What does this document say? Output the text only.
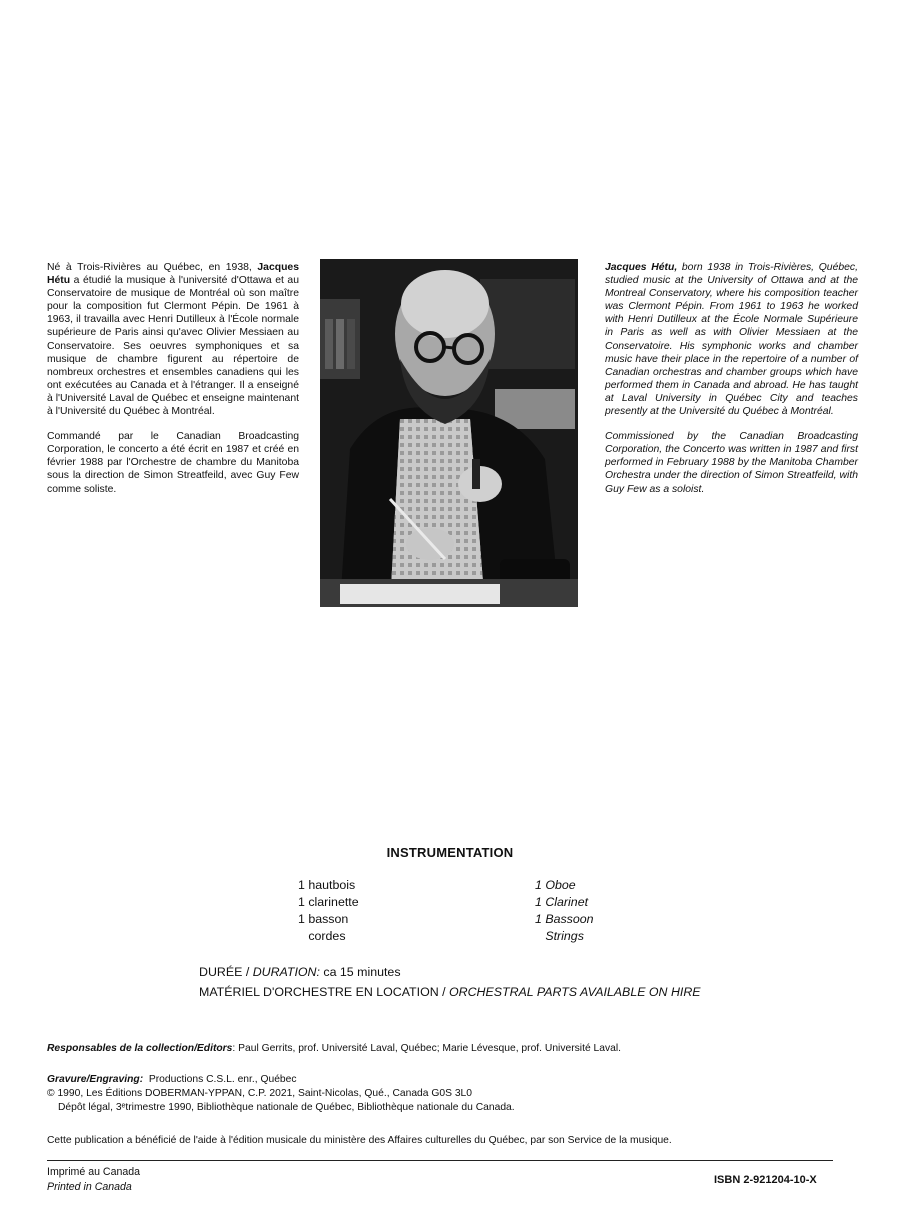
Né à Trois-Rivières au Québec, en 1938, Jacques Hétu a étudié la musique à l'université d'Ottawa et au Conservatoire de musique de Montréal où son maître pour la composition fut Clermont Pépin. De 1961 à 1963, il travailla avec Henri Dutilleux à l'École normale supérieure de Paris ainsi qu'avec Olivier Messiaen au Conservatoire. Ses oeuvres symphoniques et sa musique de chambre figurent au répertoire de nombreux orchestres et ensembles canadiens qui les ont exécutées au Canada et à l'étranger. Il a enseigné à l'Université Laval de Québec et enseigne maintenant à l'Université du Québec à Montréal.

Commandé par le Canadian Broadcasting Corporation, le concerto a été écrit en 1987 et créé en février 1988 par l'Orchestre de chambre du Manitoba sous la direction de Simon Streatfeild, avec Guy Few comme soliste.

Jacques Hétu, born 1938 in Trois-Rivières, Québec, studied music at the University of Ottawa and at the Montreal Conservatory, where his composition teacher was Clermont Pépin. From 1961 to 1963 he worked with Henri Dutilleux at the École Normale Supérieure in Paris as well as with Olivier Messiaen at the Conservatoire. His symphonic works and chamber music have their place in the repertoire of a number of Canadian orchestras and chamber groups which have performed them in Canada and abroad. He has taught at Laval University in Québec City and teaches presently at the Université du Québec à Montréal.

Commissioned by the Canadian Broadcasting Corporation, the Concerto was written in 1987 and first performed in February 1988 by the Manitoba Chamber Orchestra under the direction of Simon Streatfeild, with Guy Few as a soloist.

INSTRUMENTATION
1 hautbois
1 clarinette
1 basson
cordes
1 Oboe
1 Clarinet
1 Bassoon
Strings
DURÉE / DURATION: ca 15 minutes
MATÉRIEL D'ORCHESTRE EN LOCATION / ORCHESTRAL PARTS AVAILABLE ON HIRE
Responsables de la collection/Editors: Paul Gerrits, prof. Université Laval, Québec; Marie Lévesque, prof. Université Laval.
Gravure/Engraving:  Productions C.S.L. enr., Québec
© 1990, Les Éditions DOBERMAN-YPPAN, C.P. 2021, Saint-Nicolas, Qué., Canada G0S 3L0
Dépôt légal, 3ᵉtrimestre 1990, Bibliothèque nationale de Québec, Bibliothèque nationale du Canada.
Cette publication a bénéficié de l'aide à l'édition musicale du ministère des Affaires culturelles du Québec, par son Service de la musique.
Imprimé au Canada
Printed in Canada
ISBN 2-921204-10-X
